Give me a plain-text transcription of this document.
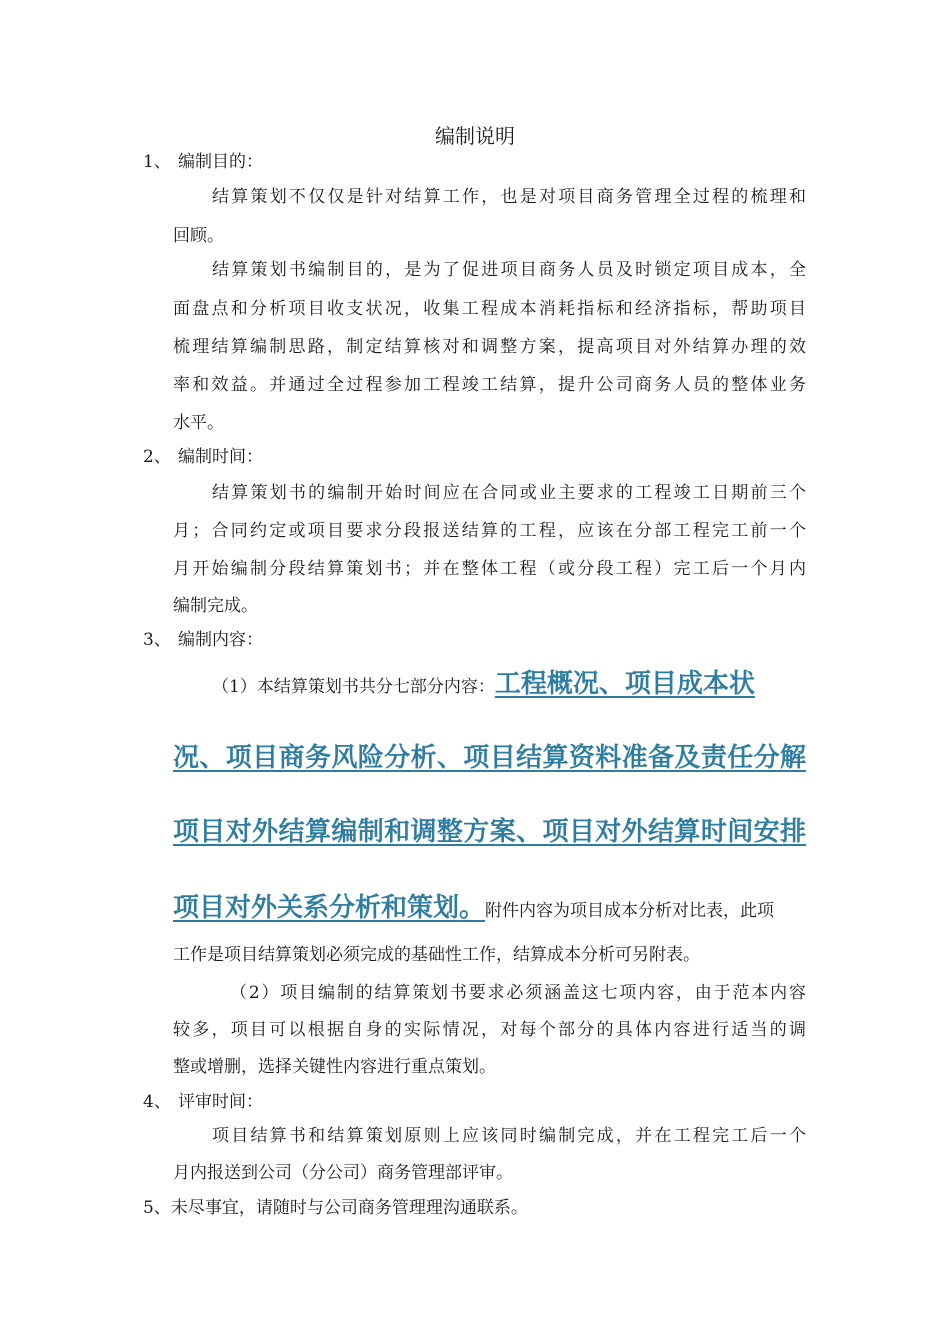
编制说明
1、 编制目的：
结算策划不仅仅是针对结算工作，也是对项目商务管理全过程的梳理和
回顾。
结算策划书编制目的，是为了促进项目商务人员及时锁定项目成本，全
面盘点和分析项目收支状况，收集工程成本消耗指标和经济指标，帮助项目
梳理结算编制思路，制定结算核对和调整方案，提高项目对外结算办理的效
率和效益。并通过全过程参加工程竣工结算，提升公司商务人员的整体业务
水平。
2、 编制时间：
结算策划书的编制开始时间应在合同或业主要求的工程竣工日期前三个
月；合同约定或项目要求分段报送结算的工程，应该在分部工程完工前一个
月开始编制分段结算策划书；并在整体工程（或分段工程）完工后一个月内
编制完成。
3、 编制内容：
（1）本结算策划书共分七部分内容：工程概况、项目成本状
况、项目商务风险分析、项目结算资料准备及责任分解
项目对外结算编制和调整方案、项目对外结算时间安排
项目对外关系分析和策划。附件内容为项目成本分析对比表，此项
工作是项目结算策划必须完成的基础性工作，结算成本分析可另附表。
（2）项目编制的结算策划书要求必须涵盖这七项内容，由于范本内容
较多，项目可以根据自身的实际情况，对每个部分的具体内容进行适当的调
整或增删，选择关键性内容进行重点策划。
4、 评审时间：
项目结算书和结算策划原则上应该同时编制完成，并在工程完工后一个
月内报送到公司（分公司）商务管理部评审。
5、未尽事宜，请随时与公司商务管理理沟通联系。
